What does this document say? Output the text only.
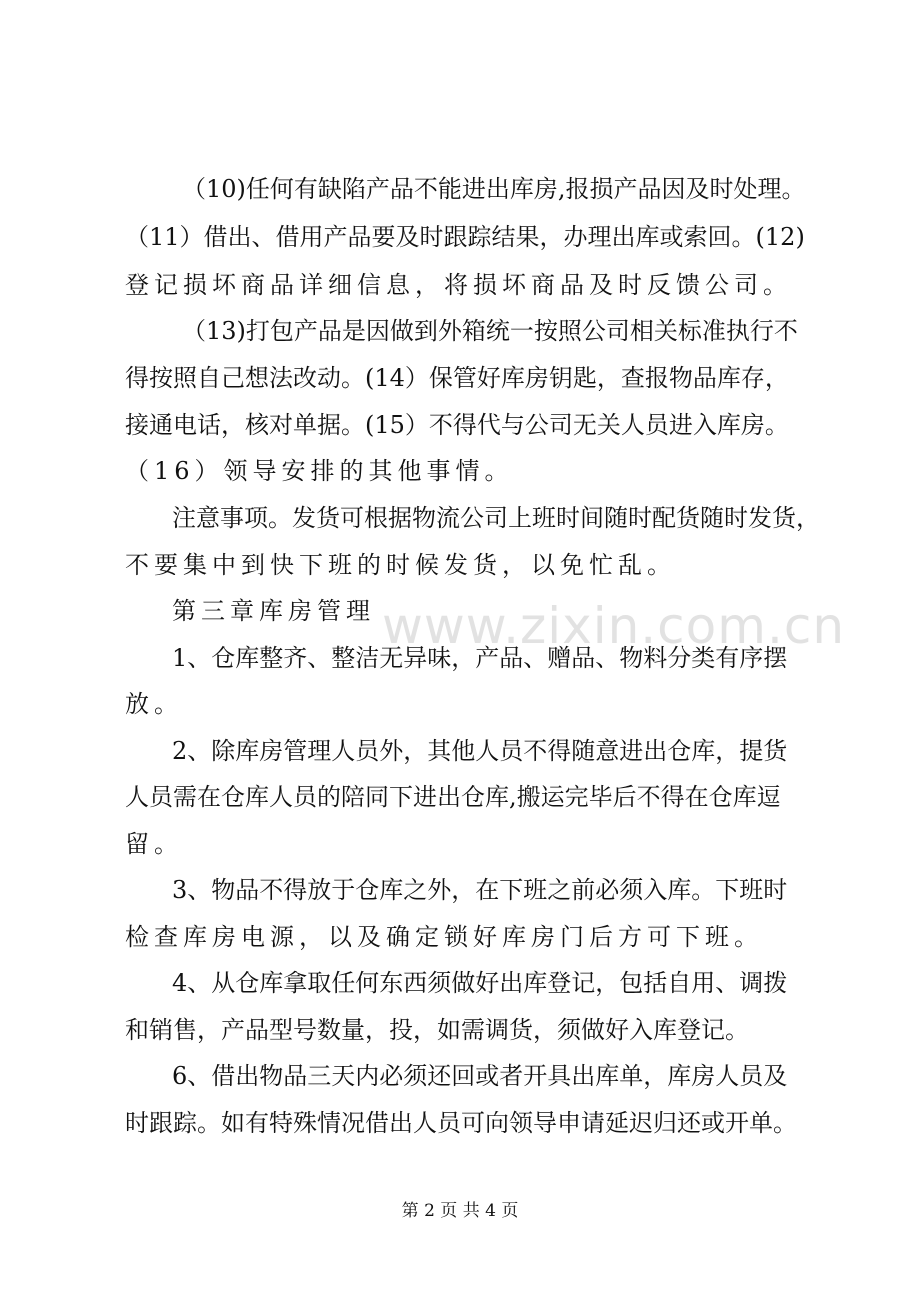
www.zixin.com.cn
（10)任何有缺陷产品不能进出库房,报损产品因及时处理。
（11）借出、借用产品要及时跟踪结果，办理出库或索回。(12)
登记损坏商品详细信息，将损坏商品及时反馈公司。
（13)打包产品是因做到外箱统一按照公司相关标准执行不
得按照自己想法改动。(14）保管好库房钥匙，查报物品库存，
接通电话，核对单据。(15）不得代与公司无关人员进入库房。
（16）领导安排的其他事情。
注意事项。发货可根据物流公司上班时间随时配货随时发货，
不要集中到快下班的时候发货，以免忙乱。
第三章库房管理
1、仓库整齐、整洁无异味，产品、赠品、物料分类有序摆
放。
2、除库房管理人员外，其他人员不得随意进出仓库，提货
人员需在仓库人员的陪同下进出仓库,搬运完毕后不得在仓库逗
留。
3、物品不得放于仓库之外，在下班之前必须入库。下班时
检查库房电源，以及确定锁好库房门后方可下班。
4、从仓库拿取任何东西须做好出库登记，包括自用、调拨
和销售，产品型号数量，投，如需调货，须做好入库登记。
6、借出物品三天内必须还回或者开具出库单，库房人员及
时跟踪。如有特殊情况借出人员可向领导申请延迟归还或开单。
第 2 页 共 4 页
